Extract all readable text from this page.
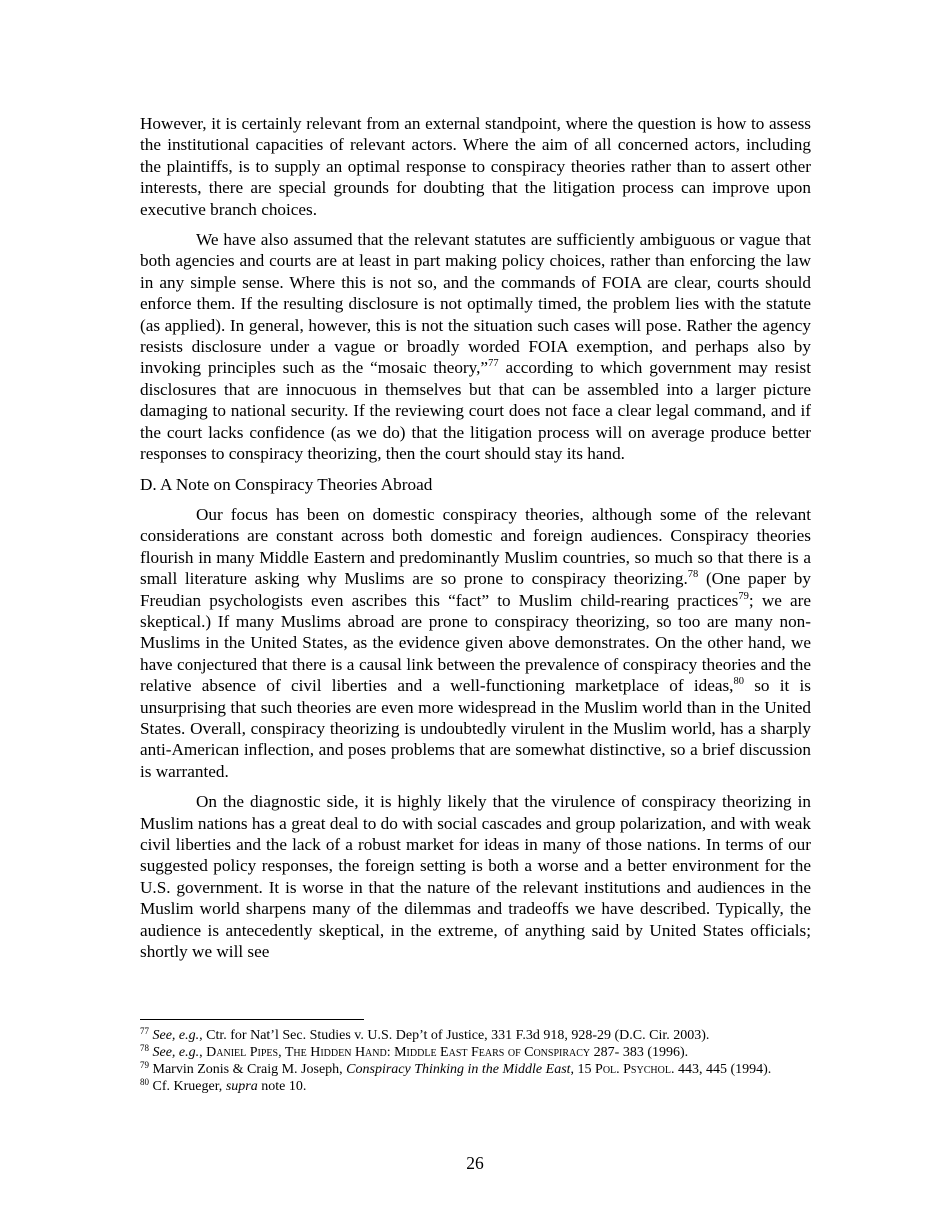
However, it is certainly relevant from an external standpoint, where the question is how to assess the institutional capacities of relevant actors. Where the aim of all concerned actors, including the plaintiffs, is to supply an optimal response to conspiracy theories rather than to assert other interests, there are special grounds for doubting that the litigation process can improve upon executive branch choices.

We have also assumed that the relevant statutes are sufficiently ambiguous or vague that both agencies and courts are at least in part making policy choices, rather than enforcing the law in any simple sense. Where this is not so, and the commands of FOIA are clear, courts should enforce them. If the resulting disclosure is not optimally timed, the problem lies with the statute (as applied). In general, however, this is not the situation such cases will pose. Rather the agency resists disclosure under a vague or broadly worded FOIA exemption, and perhaps also by invoking principles such as the “mosaic theory,”$^{77}$ according to which government may resist disclosures that are innocuous in themselves but that can be assembled into a larger picture damaging to national security. If the reviewing court does not face a clear legal command, and if the court lacks confidence (as we do) that the litigation process will on average produce better responses to conspiracy theorizing, then the court should stay its hand.

D. A Note on Conspiracy Theories Abroad

Our focus has been on domestic conspiracy theories, although some of the relevant considerations are constant across both domestic and foreign audiences. Conspiracy theories flourish in many Middle Eastern and predominantly Muslim countries, so much so that there is a small literature asking why Muslims are so prone to conspiracy theorizing.$^{78}$ (One paper by Freudian psychologists even ascribes this “fact” to Muslim child-rearing practices$^{79}$; we are skeptical.) If many Muslims abroad are prone to conspiracy theorizing, so too are many non-Muslims in the United States, as the evidence given above demonstrates. On the other hand, we have conjectured that there is a causal link between the prevalence of conspiracy theories and the relative absence of civil liberties and a well-functioning marketplace of ideas,$^{80}$ so it is unsurprising that such theories are even more widespread in the Muslim world than in the United States. Overall, conspiracy theorizing is undoubtedly virulent in the Muslim world, has a sharply anti-American inflection, and poses problems that are somewhat distinctive, so a brief discussion is warranted.

On the diagnostic side, it is highly likely that the virulence of conspiracy theorizing in Muslim nations has a great deal to do with social cascades and group polarization, and with weak civil liberties and the lack of a robust market for ideas in many of those nations. In terms of our suggested policy responses, the foreign setting is both a worse and a better environment for the U.S. government. It is worse in that the nature of the relevant institutions and audiences in the Muslim world sharpens many of the dilemmas and tradeoffs we have described. Typically, the audience is antecedently skeptical, in the extreme, of anything said by United States officials; shortly we will see

$^{77}$ See, e.g., Ctr. for Nat’l Sec. Studies v. U.S. Dep’t of Justice, 331 F.3d 918, 928-29 (D.C. Cir. 2003).

$^{78}$ See, e.g., Daniel Pipes, The Hidden Hand: Middle East Fears of Conspiracy 287- 383 (1996).

$^{79}$ Marvin Zonis & Craig M. Joseph, Conspiracy Thinking in the Middle East, 15 Pol. Psychol. 443, 445 (1994).

$^{80}$ Cf. Krueger, supra note 10.

26
